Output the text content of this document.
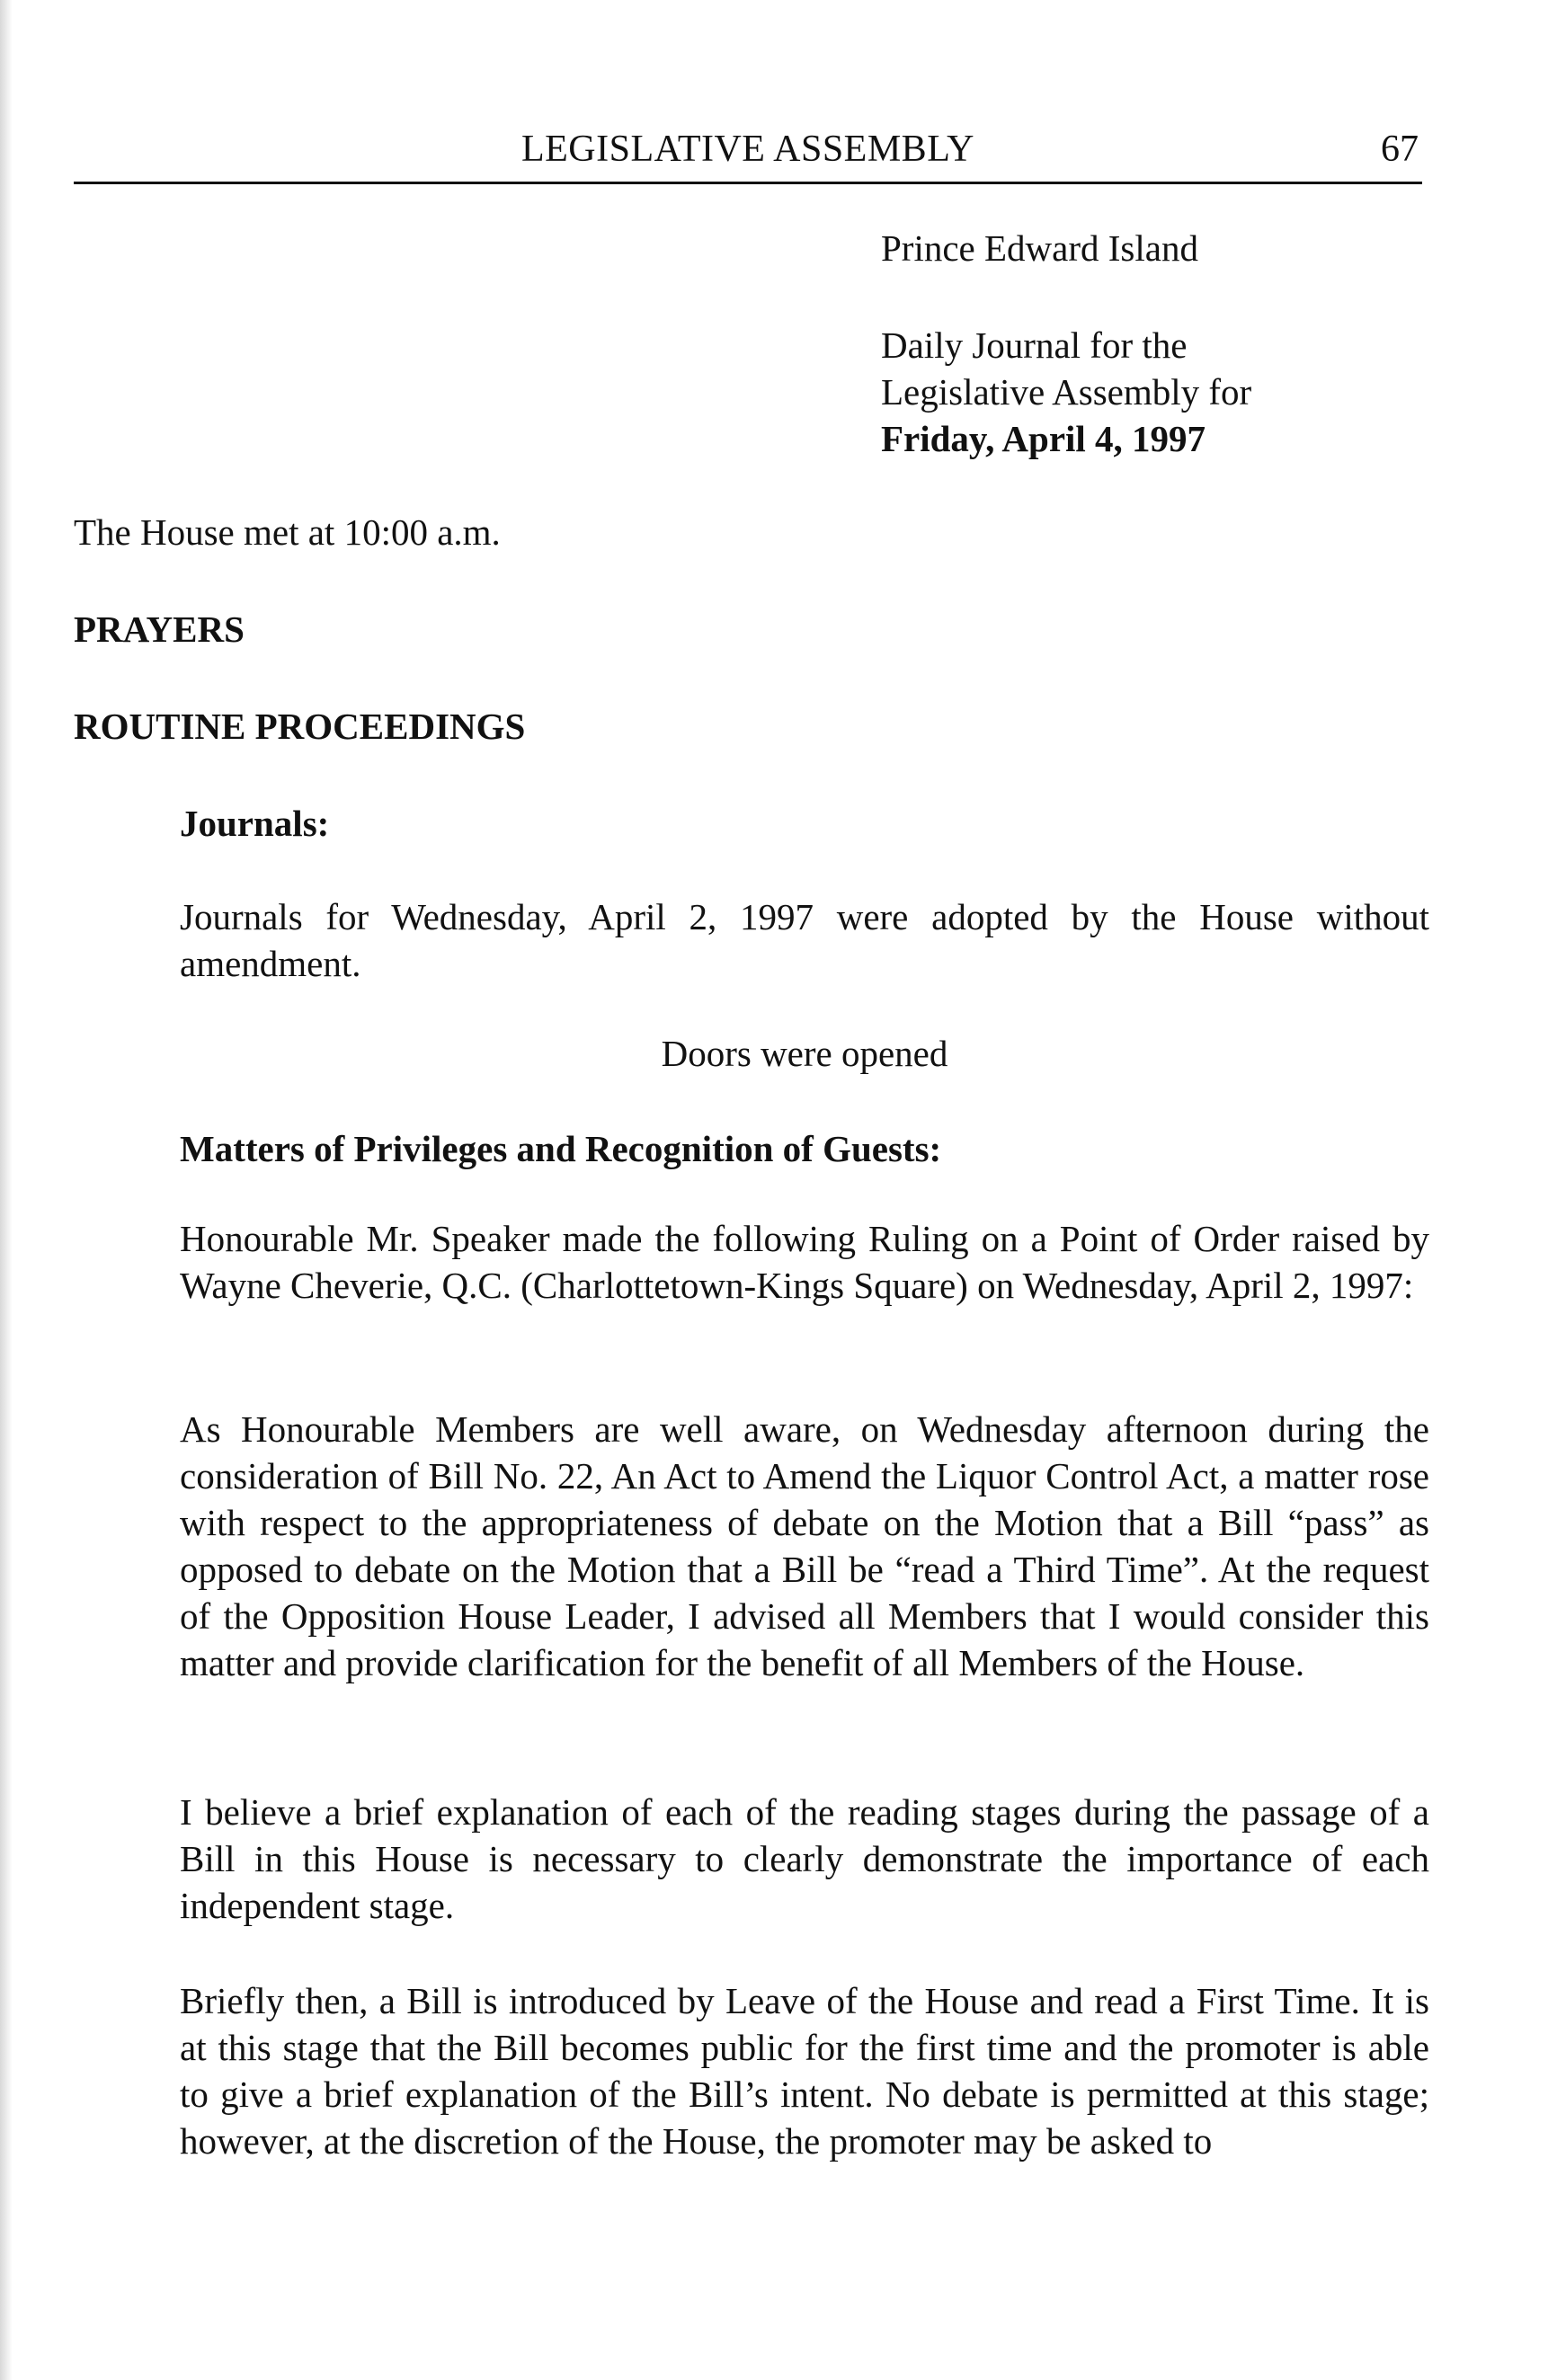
LEGISLATIVE ASSEMBLY	67
Prince Edward Island
Daily Journal for the
Legislative Assembly for
Friday, April 4, 1997
The House met at 10:00 a.m.
PRAYERS
ROUTINE PROCEEDINGS
Journals:
Journals for Wednesday, April 2, 1997 were adopted by the House without amendment.
Doors were opened
Matters of Privileges and Recognition of Guests:
Honourable Mr. Speaker made the following Ruling on a Point of Order raised by Wayne Cheverie, Q.C. (Charlottetown-Kings Square) on Wednesday, April 2, 1997:
As Honourable Members are well aware, on Wednesday afternoon during the consideration of Bill No. 22, An Act to Amend the Liquor Control Act, a matter rose with respect to the appropriateness of debate on the Motion that a Bill “pass” as opposed to debate on the Motion that a Bill be “read a Third Time”. At the request of the Opposition House Leader, I advised all Members that I would consider this matter and provide clarification for the benefit of all Members of the House.
I believe a brief explanation of each of the reading stages during the passage of a Bill in this House is necessary to clearly demonstrate the importance of each independent stage.
Briefly then, a Bill is introduced by Leave of the House and read a First Time. It is at this stage that the Bill becomes public for the first time and the promoter is able to give a brief explanation of the Bill’s intent. No debate is permitted at this stage; however, at the discretion of the House, the promoter may be asked to
